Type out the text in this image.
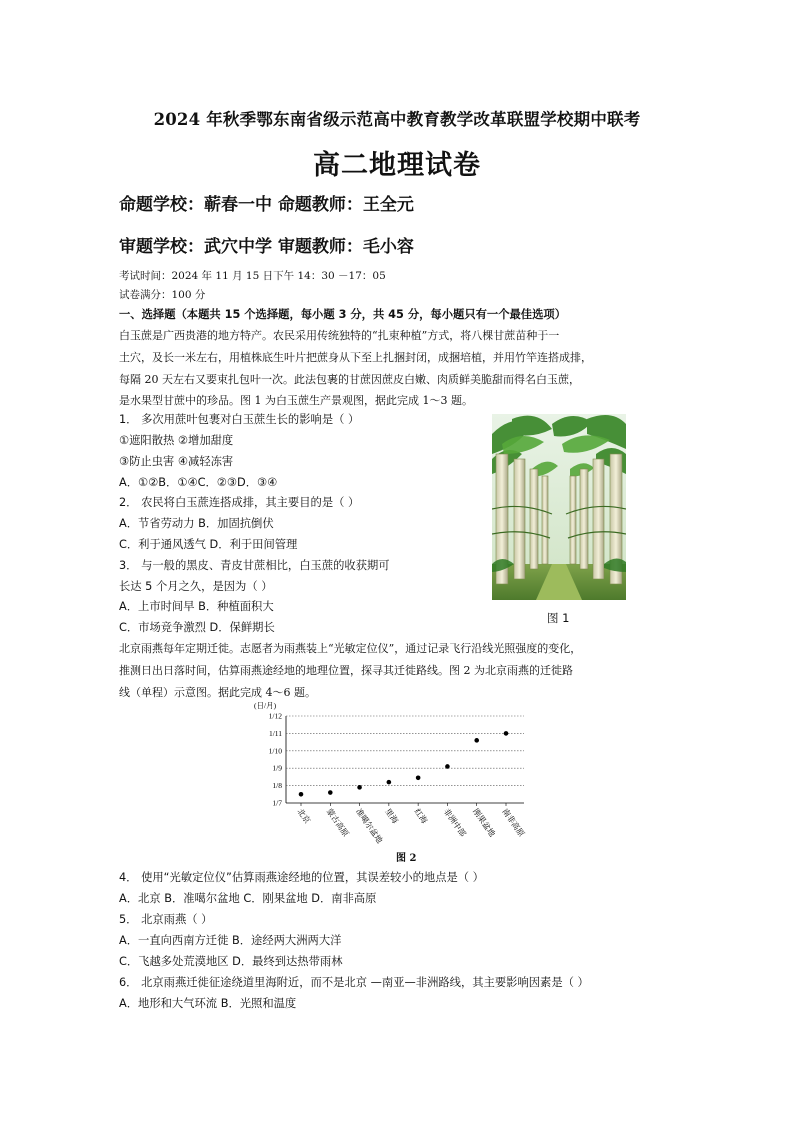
2024 年秋季鄂东南省级示范高中教育教学改革联盟学校期中联考
高二地理试卷
命题学校：蕲春一中 命题教师：王全元
审题学校：武穴中学 审题教师：毛小容
考试时间：2024 年 11 月 15 日下午 14：30 －17：05
试卷满分：100 分
一、选择题（本题共 15 个选择题，每小题 3 分，共 45 分，每小题只有一个最佳选项）
白玉蔗是广西贵港的地方特产。农民采用传统独特的“扎束种植”方式，将八棵甘蔗苗种于一
土穴，及长一米左右，用植株底生叶片把蔗身从下至上扎捆封闭，成捆培植，并用竹竿连搭成排，
每隔 20 天左右又要束扎包叶一次。此法包裹的甘蔗因蔗皮白嫩、肉质鲜美脆甜而得名白玉蔗，
是水果型甘蔗中的珍品。图 1 为白玉蔗生产景观图，据此完成 1～3 题。
1． 多次用蔗叶包裹对白玉蔗生长的影响是（ ）
①遮阳散热 ②增加甜度
③防止虫害 ④减轻冻害
A．①②B．①④C．②③D．③④
2． 农民将白玉蔗连搭成排，其主要目的是（ ）
A．节省劳动力 B．加固抗倒伏
C．利于通风透气 D．利于田间管理
3． 与一般的黑皮、青皮甘蔗相比，白玉蔗的收获期可
长达 5 个月之久，是因为（ ）
A．上市时间早 B．种植面积大
C．市场竞争激烈 D．保鲜期长
图 1
北京雨燕每年定期迁徙。志愿者为雨燕装上“光敏定位仪”，通过记录飞行沿线光照强度的变化，
推测日出日落时间，估算雨燕途经地的地理位置，探寻其迁徙路线。图 2 为北京雨燕的迁徙路
线（单程）示意图。据此完成 4～6 题。
(日/月)
1/7
1/8
1/9
1/10
1/11
1/12
北京 蒙古高原 准噶尔盆地
里海 红海 非洲中部 刚果盆地 南非高原
图 2
4． 使用“光敏定位仪”估算雨燕途经地的位置，其误差较小的地点是（ ）
A．北京 B．准噶尔盆地 C．刚果盆地 D．南非高原
5． 北京雨燕（ ）
A．一直向西南方迁徙 B．途经两大洲两大洋
C．飞越多处荒漠地区 D．最终到达热带雨林
6． 北京雨燕迁徙征途绕道里海附近，而不是北京 —南亚—非洲路线，其主要影响因素是（ ）
A．地形和大气环流 B．光照和温度
